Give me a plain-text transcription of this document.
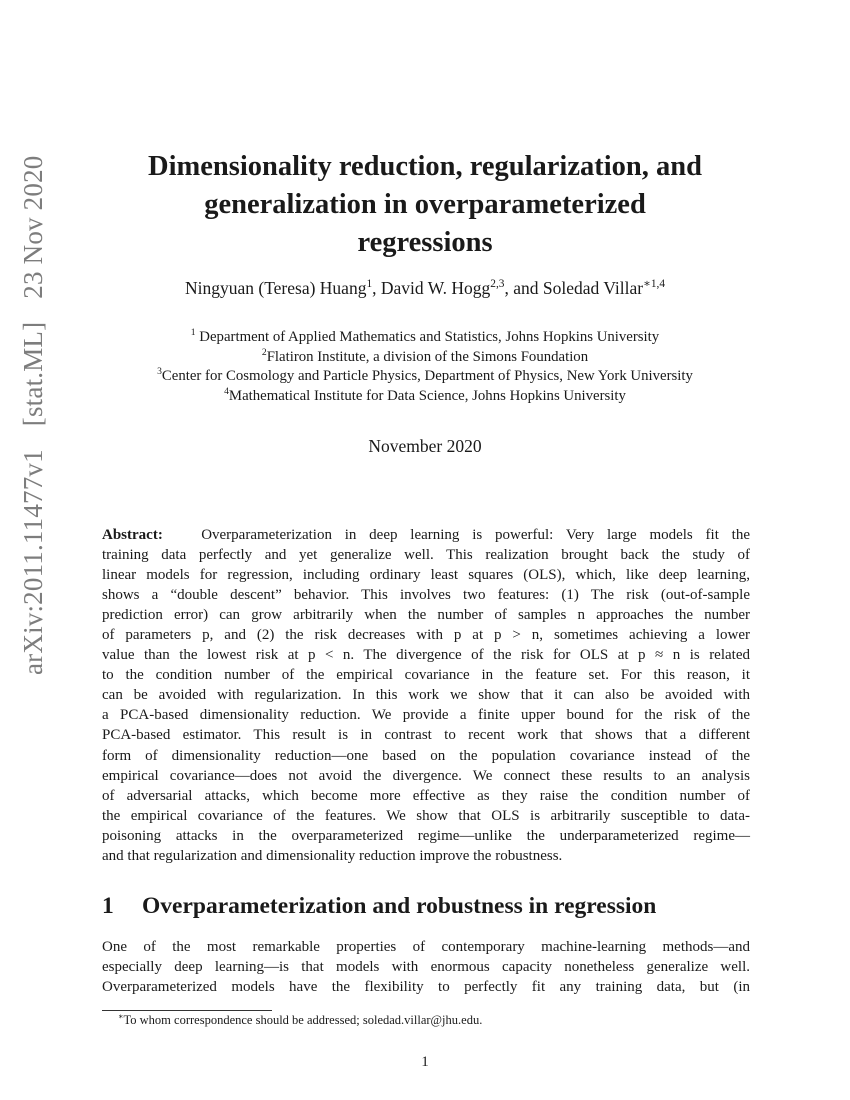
arXiv:2011.11477v1 [stat.ML] 23 Nov 2020	Dimensionality reduction, regularization, and
generalization in overparameterized
regressions
Ningyuan (Teresa) Huang$^1$, David W. Hogg$^{2,3}$, and Soledad Villar$^{∗1,4}$
$^1$ Department of Applied Mathematics and Statistics, Johns Hopkins University
$^2$Flatiron Institute, a division of the Simons Foundation
$^3$Center for Cosmology and Particle Physics, Department of Physics, New York University
$^4$Mathematical Institute for Data Science, Johns Hopkins University
November 2020
Abstract:	Overparameterization in deep learning is powerful: Very large models fit the
training data perfectly and yet generalize well. This realization brought back the study of
linear models for regression, including ordinary least squares (OLS), which, like deep learning,
shows a “double descent” behavior. This involves two features: (1) The risk (out-of-sample
prediction error) can grow arbitrarily when the number of samples n approaches the number
of parameters p, and (2) the risk decreases with p at p > n, sometimes achieving a lower
value than the lowest risk at p < n. The divergence of the risk for OLS at p ≈ n is related
to the condition number of the empirical covariance in the feature set. For this reason, it
can be avoided with regularization. In this work we show that it can also be avoided with
a PCA-based dimensionality reduction. We provide a finite upper bound for the risk of the
PCA-based estimator. This result is in contrast to recent work that shows that a different
form of dimensionality reduction—one based on the population covariance instead of the
empirical covariance—does not avoid the divergence. We connect these results to an analysis
of adversarial attacks, which become more effective as they raise the condition number of
the empirical covariance of the features. We show that OLS is arbitrarily susceptible to data-
poisoning attacks in the overparameterized regime—unlike the underparameterized regime—
and that regularization and dimensionality reduction improve the robustness.
1 Overparameterization and robustness in regression
One of the most remarkable properties of contemporary machine-learning methods—and
especially deep learning—is that models with enormous capacity nonetheless generalize well.
Overparameterized models have the flexibility to perfectly fit any training data, but (in
∗To whom correspondence should be addressed; soledad.villar@jhu.edu.
1
